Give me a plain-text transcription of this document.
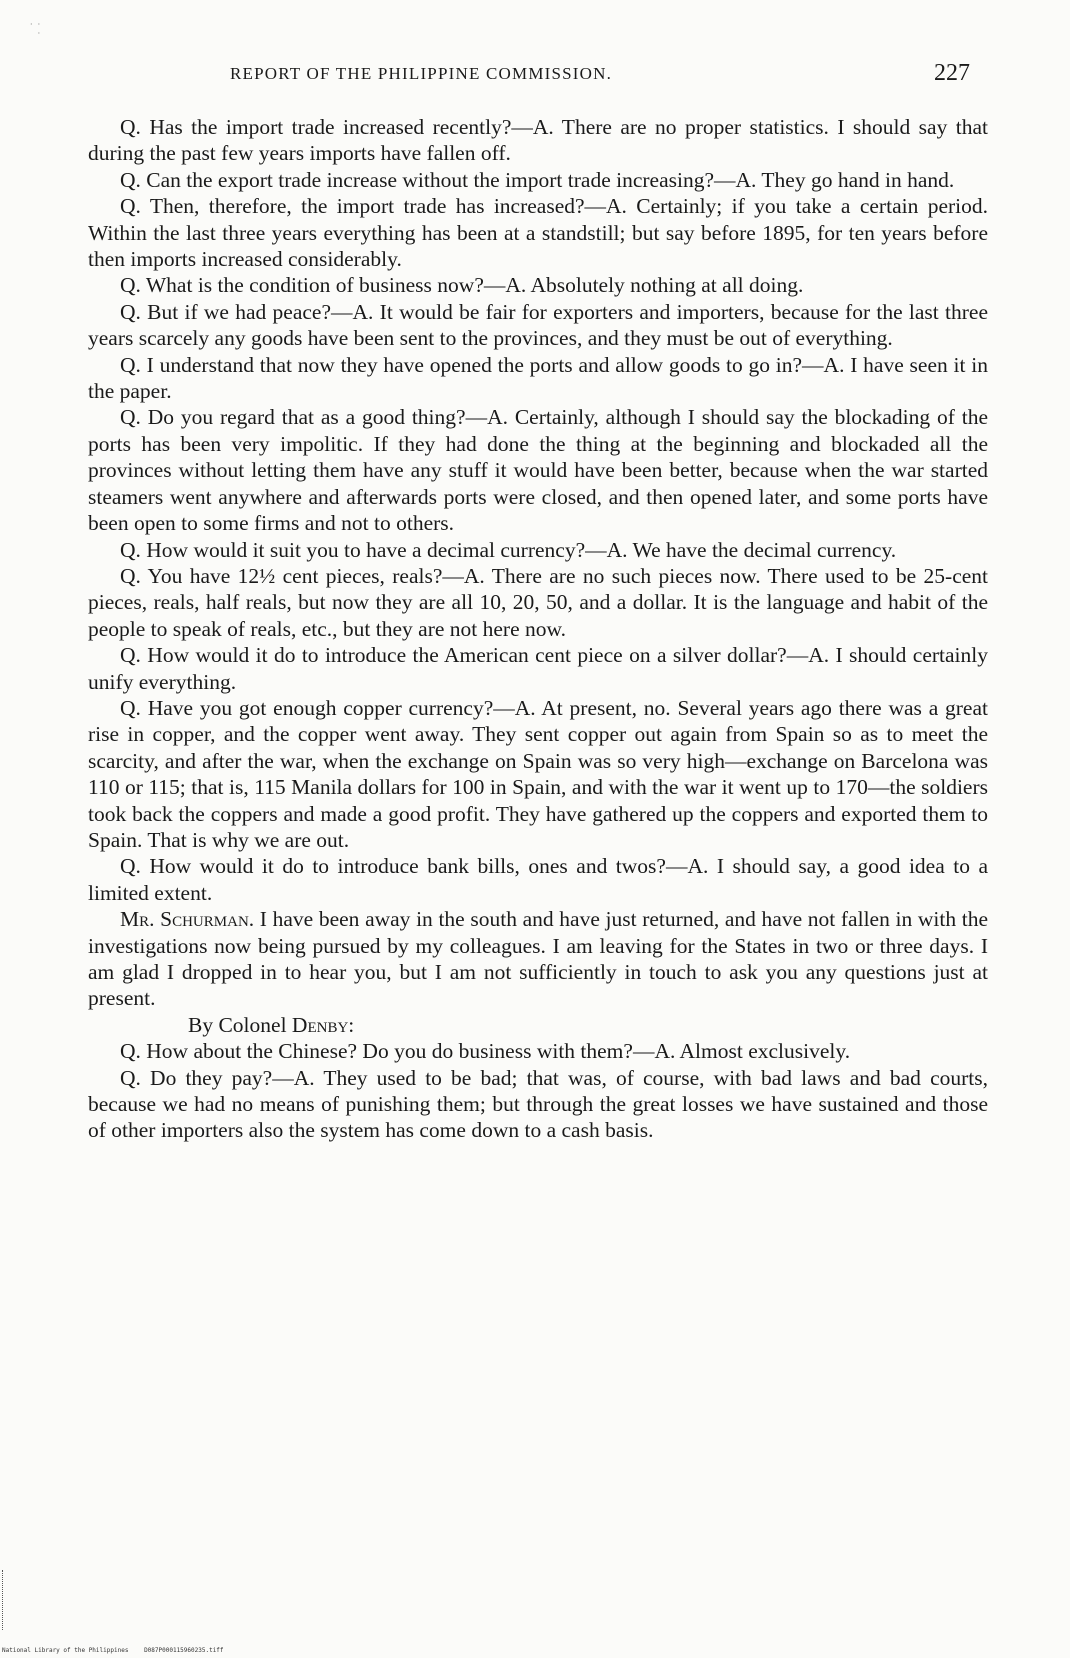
·  ·
·
REPORT OF THE PHILIPPINE COMMISSION.	227

Q. Has the import trade increased recently?—A. There are no proper statistics. I should say that during the past few years imports have fallen off.

Q. Can the export trade increase without the import trade increasing?—A. They go hand in hand.

Q. Then, therefore, the import trade has increased?—A. Certainly; if you take a certain period. Within the last three years everything has been at a standstill; but say before 1895, for ten years before then imports increased considerably.

Q. What is the condition of business now?—A. Absolutely nothing at all doing.

Q. But if we had peace?—A. It would be fair for exporters and importers, because for the last three years scarcely any goods have been sent to the provinces, and they must be out of everything.

Q. I understand that now they have opened the ports and allow goods to go in?—A. I have seen it in the paper.

Q. Do you regard that as a good thing?—A. Certainly, although I should say the blockading of the ports has been very impolitic. If they had done the thing at the beginning and blockaded all the provinces without letting them have any stuff it would have been better, because when the war started steamers went anywhere and afterwards ports were closed, and then opened later, and some ports have been open to some firms and not to others.

Q. How would it suit you to have a decimal currency?—A. We have the decimal currency.

Q. You have 12½ cent pieces, reals?—A. There are no such pieces now. There used to be 25-cent pieces, reals, half reals, but now they are all 10, 20, 50, and a dollar. It is the language and habit of the people to speak of reals, etc., but they are not here now.

Q. How would it do to introduce the American cent piece on a silver dollar?—A. I should certainly unify everything.

Q. Have you got enough copper currency?—A. At present, no. Several years ago there was a great rise in copper, and the copper went away. They sent copper out again from Spain so as to meet the scarcity, and after the war, when the exchange on Spain was so very high—exchange on Barcelona was 110 or 115; that is, 115 Manila dollars for 100 in Spain, and with the war it went up to 170—the soldiers took back the coppers and made a good profit. They have gathered up the coppers and exported them to Spain. That is why we are out.

Q. How would it do to introduce bank bills, ones and twos?—A. I should say, a good idea to a limited extent.

Mr. Schurman. I have been away in the south and have just returned, and have not fallen in with the investigations now being pursued by my colleagues. I am leaving for the States in two or three days. I am glad I dropped in to hear you, but I am not sufficiently in touch to ask you any questions just at present.

By Colonel Denby:

Q. How about the Chinese? Do you do business with them?—A. Almost exclusively.

Q. Do they pay?—A. They used to be bad; that was, of course, with bad laws and bad courts, because we had no means of punishing them; but through the great losses we have sustained and those of other importers also the system has come down to a cash basis.

National Library of the Philippines	D087P000115960235.tiff
